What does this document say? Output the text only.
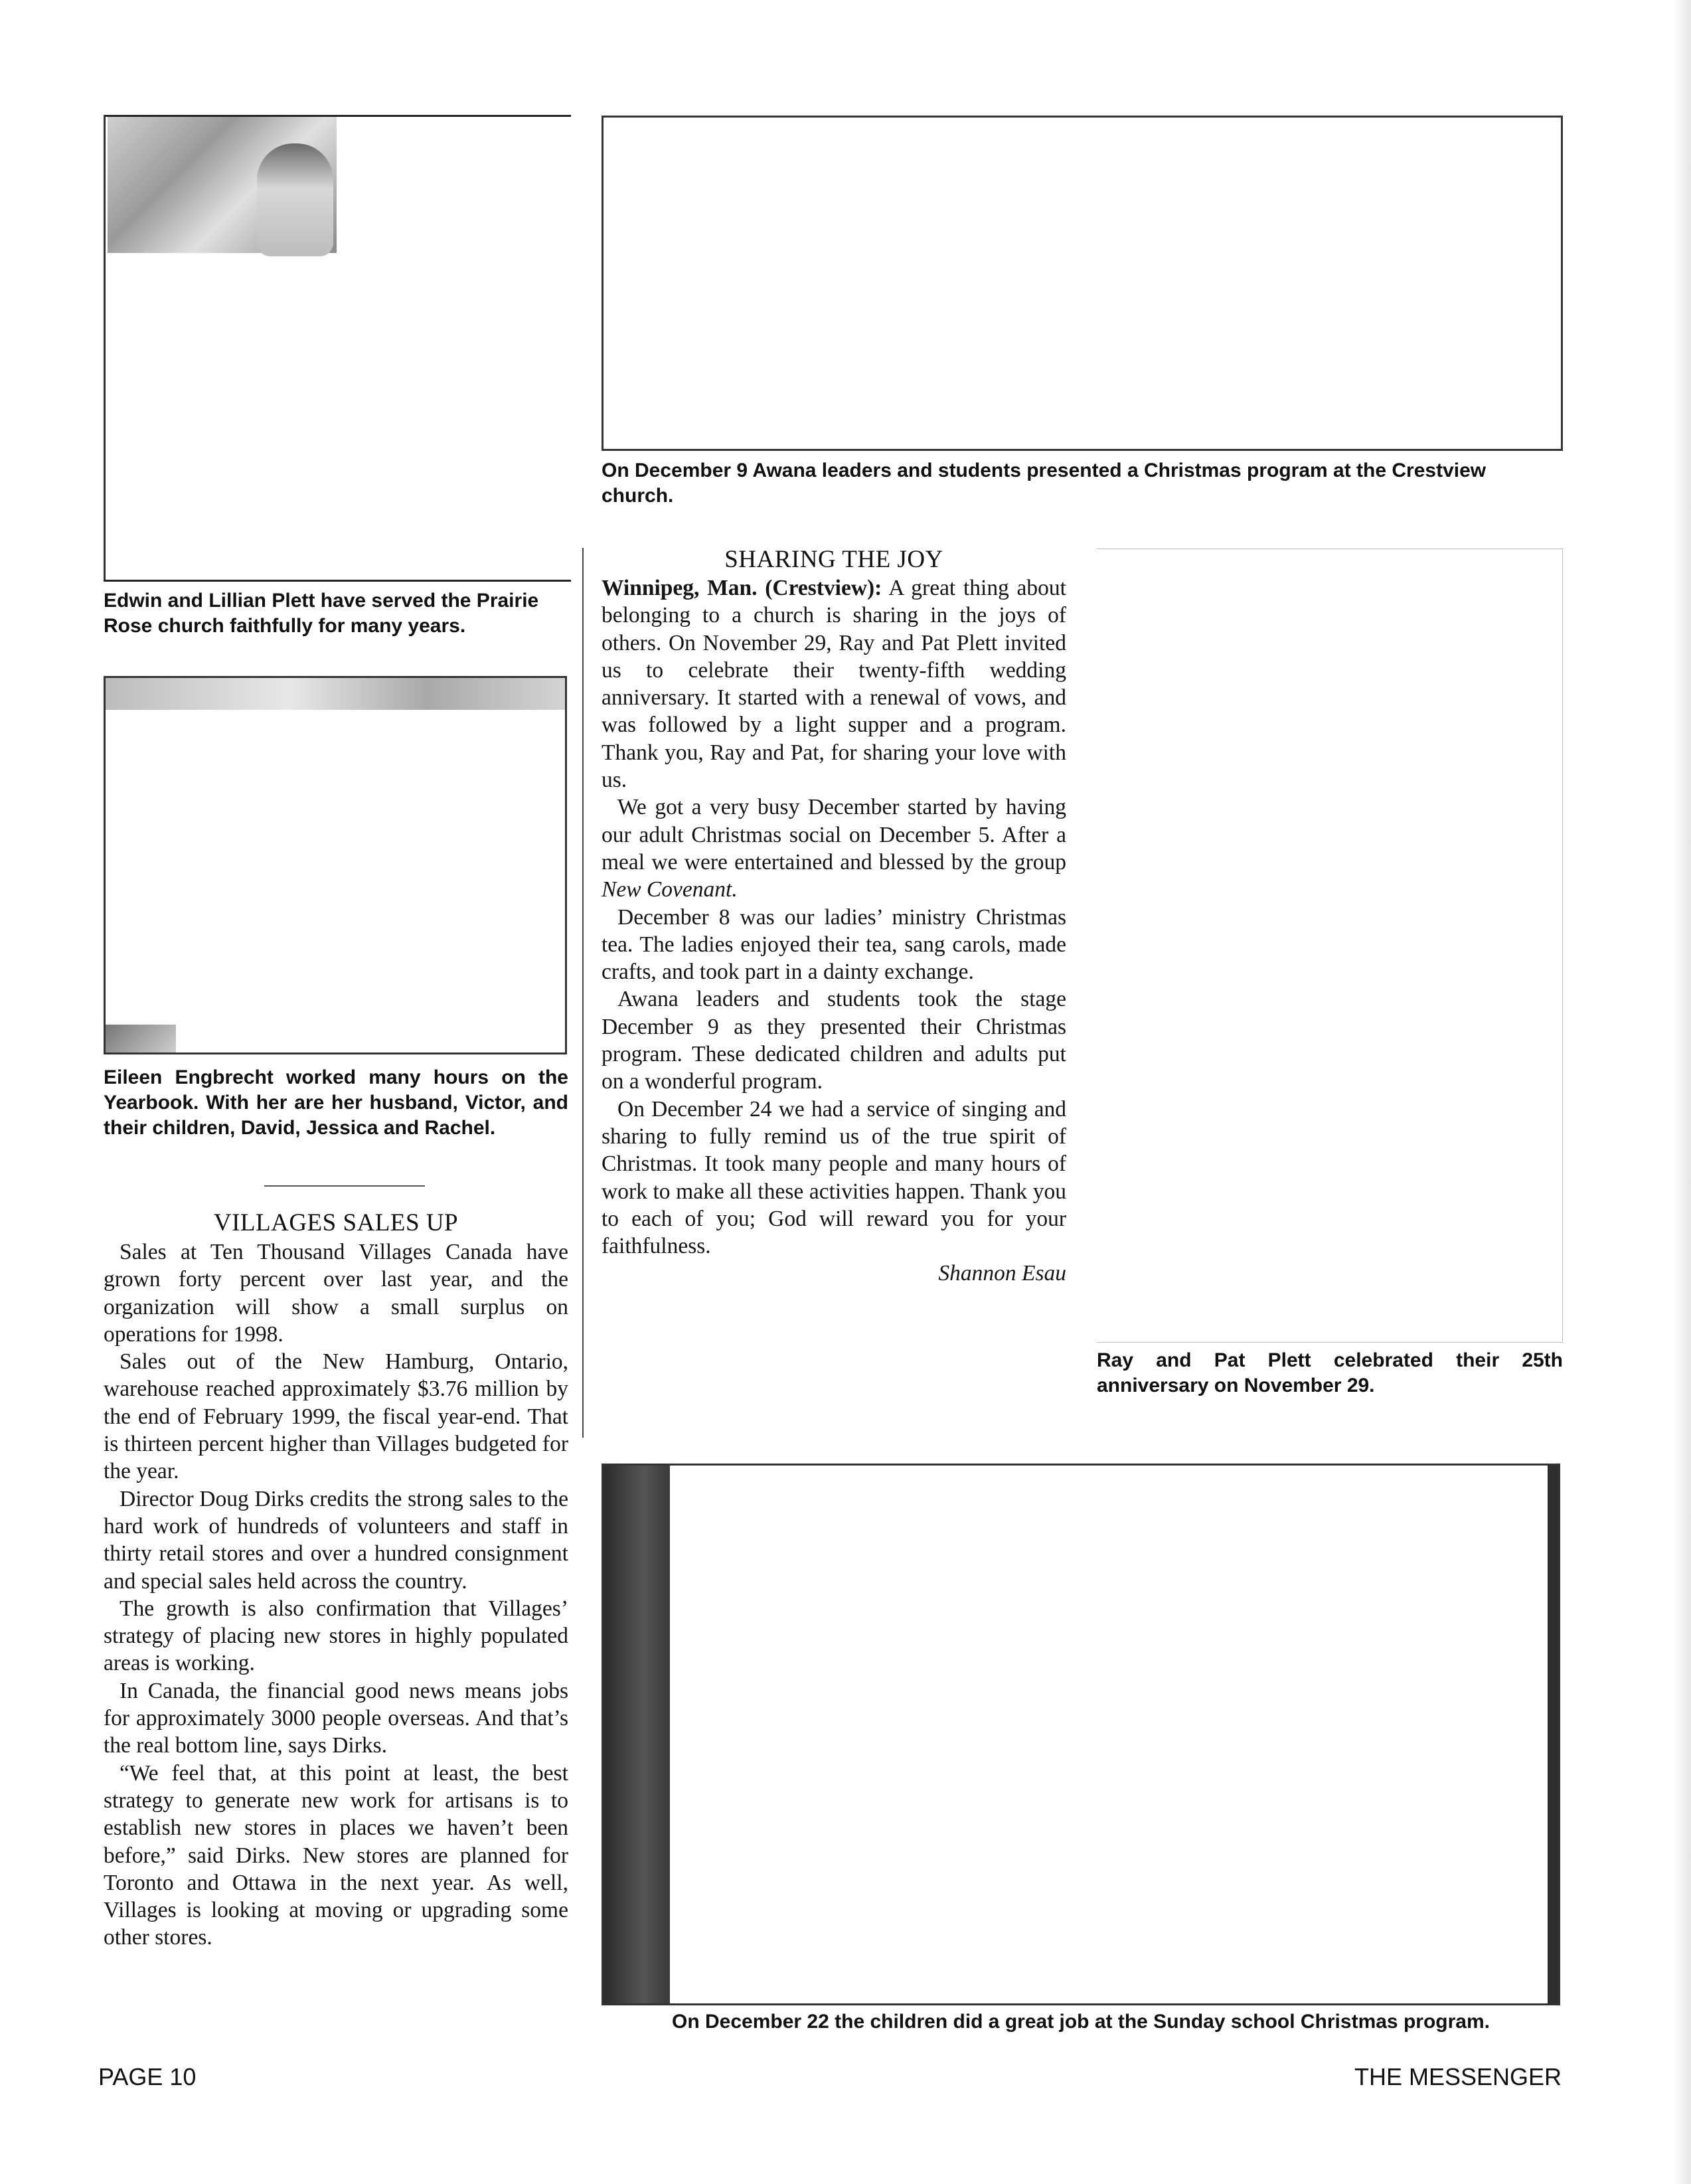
Edwin and Lillian Plett have served the Prairie Rose church faithfully for many years.
On December 9 Awana leaders and students presented a Christmas program at the Crestview church.
Eileen Engbrecht worked many hours on the Yearbook. With her are her husband, Victor, and their children, David, Jessica and Rachel.
VILLAGES SALES UP

Sales at Ten Thousand Villages Canada have grown forty percent over last year, and the organization will show a small surplus on operations for 1998.

Sales out of the New Hamburg, Ontario, warehouse reached approximately $3.76 million by the end of February 1999, the fiscal year-end. That is thirteen percent higher than Villages budgeted for the year.

Director Doug Dirks credits the strong sales to the hard work of hundreds of volunteers and staff in thirty retail stores and over a hundred consignment and special sales held across the country.

The growth is also confirmation that Villages’ strategy of placing new stores in highly populated areas is working.

In Canada, the financial good news means jobs for approximately 3000 people overseas. And that’s the real bottom line, says Dirks.

“We feel that, at this point at least, the best strategy to generate new work for artisans is to establish new stores in places we haven’t been before,” said Dirks. New stores are planned for Toronto and Ottawa in the next year. As well, Villages is looking at moving or upgrading some other stores.

SHARING THE JOY

Winnipeg, Man. (Crestview): A great thing about belonging to a church is sharing in the joys of others. On November 29, Ray and Pat Plett invited us to celebrate their twenty-fifth wedding anniversary. It started with a renewal of vows, and was followed by a light supper and a program. Thank you, Ray and Pat, for sharing your love with us.

We got a very busy December started by having our adult Christmas social on December 5. After a meal we were entertained and blessed by the group New Covenant.

December 8 was our ladies’ ministry Christmas tea. The ladies enjoyed their tea, sang carols, made crafts, and took part in a dainty exchange.

Awana leaders and students took the stage December 9 as they presented their Christmas program. These dedicated children and adults put on a wonderful program.

On December 24 we had a service of singing and sharing to fully remind us of the true spirit of Christmas. It took many people and many hours of work to make all these activities happen. Thank you to each of you; God will reward you for your faithfulness.

Shannon Esau

Ray and Pat Plett celebrated their 25th anniversary on November 29.
On December 22 the children did a great job at the Sunday school Christmas program.
PAGE 10	THE MESSENGER
